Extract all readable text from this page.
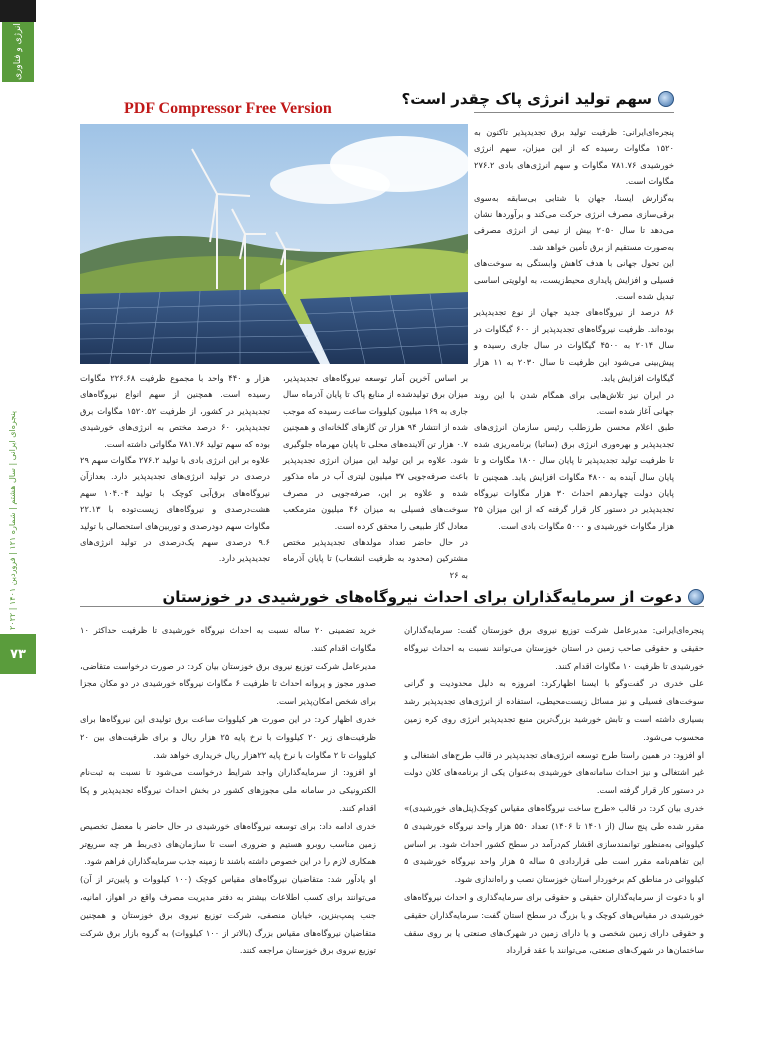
انرژی و فناوری
پنجره‌ای ایرانی | سال هشتم | شماره ۱۲۱ | فروردین ۱۴۰۱ | ۲۰۲۲
۷۳
PDF Compressor Free Version
سهم تولید انرژی پاک چقدر است؟

پنجره‌ای‌ایرانی: ظرفیت تولید برق تجدیدپذیر تاکنون به ۱۵۲۰ مگاوات رسیده که از این میزان، سهم انرژی خورشیدی ۷۸۱.۷۶ مگاوات و سهم انرژی‌های بادی ۲۷۶.۲ مگاوات است.

به‌گزارش ایسنا، جهان با شتابی بی‌سابقه به‌سوی برقی‌سازی مصرف انرژی حرکت می‌کند و برآوردها نشان می‌دهد تا سال ۲۰۵۰ بیش از نیمی از انرژی مصرفی به‌صورت مستقیم از برق تأمین خواهد شد.

این تحول جهانی با هدف کاهش وابستگی به سوخت‌های فسیلی و افزایش پایداری محیط‌زیست، به اولویتی اساسی تبدیل شده است.

۸۶ درصد از نیروگاه‌های جدید جهان از نوع تجدیدپذیر بوده‌اند. ظرفیت نیروگاه‌های تجدیدپذیر از ۶۰۰ گیگاوات در سال ۲۰۱۴ به ۴۵۰۰ گیگاوات در سال جاری رسیده و پیش‌بینی می‌شود این ظرفیت تا سال ۲۰۳۰ به ۱۱ هزار گیگاوات افزایش یابد.

در ایران نیز تلاش‌هایی برای همگام شدن با این روند جهانی آغاز شده است.

طبق اعلام محسن طرزطلب رئیس سازمان انرژی‌های تجدیدپذیر و بهره‌وری انرژی برق (ساتبا) برنامه‌ریزی شده تا ظرفیت تولید تجدیدپذیر تا پایان سال ۱۸۰۰ مگاوات و تا پایان سال آینده به ۴۸۰۰ مگاوات افزایش یابد. همچنین تا پایان دولت چهاردهم احداث ۳۰ هزار مگاوات نیروگاه تجدیدپذیر در دستور کار قرار گرفته که از این میزان ۲۵ هزار مگاوات خورشیدی و ۵۰۰۰ مگاوات بادی است.

بر اساس آخرین آمار توسعه نیروگاه‌های تجدیدپذیر، میزان برق تولیدشده از منابع پاک تا پایان آذرماه سال جاری به ۱۶۹ میلیون کیلووات ساعت رسیده که موجب شده از انتشار ۹۴ هزار تن گازهای گلخانه‌ای و همچنین ۰.۷ هزار تن آلاینده‌های محلی تا پایان مهرماه جلوگیری شود. علاوه بر این تولید این میزان انرژی تجدیدپذیر باعث صرفه‌جویی ۳۷ میلیون لیتری آب در ماه مذکور شده و علاوه بر این، صرفه‌جویی در مصرف سوخت‌های فسیلی به میزان ۴۶ میلیون مترمکعب معادل گاز طبیعی را محقق کرده است.

در حال حاضر تعداد مولدهای تجدیدپذیر مختص مشترکین (محدود به ظرفیت انشعاب) تا پایان آذرماه به ۲۶

هزار و ۴۴۰ واحد با مجموع ظرفیت ۲۲۶.۶۸ مگاوات رسیده است. همچنین از سهم انواع نیروگاه‌های تجدیدپذیر در کشور، از ظرفیت ۱۵۲۰.۵۲ مگاوات برق تجدیدپذیر، ۶۰ درصد مختص به انرژی‌های خورشیدی بوده که سهم تولید ۷۸۱.۷۶ مگاواتی داشته است.

علاوه بر این انرژی بادی با تولید ۲۷۶.۲ مگاوات سهم ۲۹ درصدی در تولید انرژی‌های تجدیدپذیر دارد. بعدازآن نیروگاه‌های برق‌آبی کوچک با تولید ۱۰۴.۰۴ سهم هشت‌درصدی و نیروگاه‌های زیست‌توده با ۲۲.۱۳ مگاوات سهم دودرصدی و توربین‌های استحصالی با تولید ۹.۶ درصدی سهم یک‌درصدی در تولید انرژی‌های تجدیدپذیر دارد.

دعوت از سرمایه‌گذاران برای احداث نیروگاه‌های خورشیدی در خوزستان

پنجره‌ای‌ایرانی: مدیرعامل شرکت توزیع نیروی برق خوزستان گفت: سرمایه‌گذاران حقیقی و حقوقی صاحب زمین در استان خوزستان می‌توانند نسبت به احداث نیروگاه خورشیدی تا ظرفیت ۱۰ مگاوات اقدام کنند.

علی خدری در گفت‌وگو با ایسنا اظهارکرد: امروزه به دلیل محدودیت و گرانی سوخت‌های فسیلی و نیز مسائل زیست‌محیطی، استفاده از انرژی‌های تجدیدپذیر رشد بسیاری داشته است و تابش خورشید بزرگ‌ترین منبع تجدیدپذیر انرژی روی کره زمین محسوب می‌شود.

او افزود: در همین راستا طرح توسعه انرژی‌های تجدیدپذیر در قالب طرح‌های اشتغالی و غیر اشتغالی و نیز احداث سامانه‌های خورشیدی به‌عنوان یکی از برنامه‌های کلان دولت در دستور کار قرار گرفته است.

خدری بیان کرد: در قالب «طرح ساخت نیروگاه‌های مقیاس کوچک(پنل‌های خورشیدی)» مقرر شده طی پنج سال (از ۱۴۰۱ تا ۱۴۰۶) تعداد ۵۵۰ هزار واحد نیروگاه خورشیدی ۵ کیلوواتی به‌منظور توانمندسازی اقشار کم‌درآمد در سطح کشور احداث شود. بر اساس این تفاهم‌نامه مقرر است طی قراردادی ۵ ساله ۵ هزار واحد نیروگاه خورشیدی ۵ کیلوواتی در مناطق کم برخوردار استان خوزستان نصب و راه‌اندازی شود.

او با دعوت از سرمایه‌گذاران حقیقی و حقوقی برای سرمایه‌گذاری و احداث نیروگاه‌های خورشیدی در مقیاس‌های کوچک و یا بزرگ در سطح استان گفت: سرمایه‌گذاران حقیقی و حقوقی دارای زمین شخصی و یا دارای زمین در شهرک‌های صنعتی یا بر روی سقف ساختمان‌ها در شهرک‌های صنعتی، می‌توانند با عقد قرارداد

خرید تضمینی ۲۰ ساله نسبت به احداث نیروگاه خورشیدی تا ظرفیت حداکثر ۱۰ مگاوات اقدام کنند.

مدیرعامل شرکت توزیع نیروی برق خوزستان بیان کرد: در صورت درخواست متقاضی، صدور مجوز و پروانه احداث تا ظرفیت ۶ مگاوات نیروگاه خورشیدی در دو مکان مجزا برای شخص امکان‌پذیر است.

خدری اظهار کرد: در این صورت هر کیلووات ساعت برق تولیدی این نیروگاه‌ها برای ظرفیت‌های زیر ۲۰ کیلووات با نرخ پایه ۲۵ هزار ریال و برای ظرفیت‌های بین ۲۰ کیلووات تا ۲ مگاوات با نرخ پایه ۲۲هزار ریال خریداری خواهد شد.

او افزود: از سرمایه‌گذاران واجد شرایط درخواست می‌شود تا نسبت به ثبت‌نام الکترونیکی در سامانه ملی مجوزهای کشور در بخش احداث نیروگاه تجدیدپذیر و پکا اقدام کنند.

خدری ادامه داد: برای توسعه نیروگاه‌های خورشیدی در حال حاضر با معضل تخصیص زمین مناسب روبرو هستیم و ضروری است تا سازمان‌های ذی‌ربط هر چه سریع‌تر همکاری لازم را در این خصوص داشته باشند تا زمینه جذب سرمایه‌گذاران فراهم شود.

او یادآور شد: متقاضیان نیروگاه‌های مقیاس کوچک (۱۰۰ کیلووات و پایین‌تر از آن) می‌توانند برای کسب اطلاعات بیشتر به دفتر مدیریت مصرف واقع در اهواز، امانیه، جنب پمپ‌بنزین، خیابان منصفی، شرکت توزیع نیروی برق خوزستان و همچنین متقاضیان نیروگاه‌های مقیاس بزرگ (بالاتر از ۱۰۰ کیلووات) به گروه بازار برق شرکت توزیع نیروی برق خوزستان مراجعه کنند.
